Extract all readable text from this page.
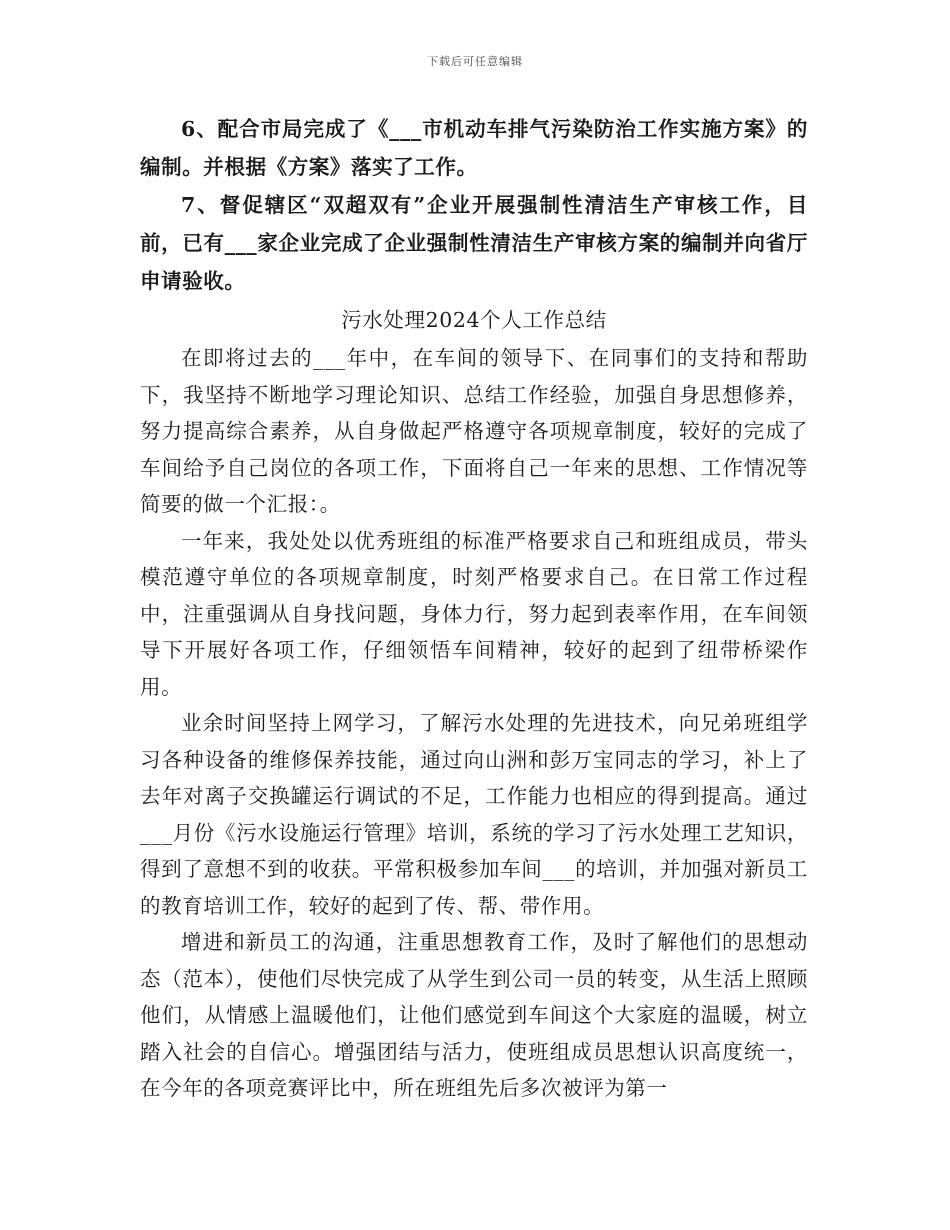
下载后可任意编辑

6、配合市局完成了《___市机动车排气污染防治工作实施方案》的编制。并根据《方案》落实了工作。

7、督促辖区“双超双有”企业开展强制性清洁生产审核工作，目前，已有___家企业完成了企业强制性清洁生产审核方案的编制并向省厅申请验收。

污水处理2024个人工作总结

在即将过去的___年中，在车间的领导下、在同事们的支持和帮助下，我坚持不断地学习理论知识、总结工作经验，加强自身思想修养，努力提高综合素养，从自身做起严格遵守各项规章制度，较好的完成了车间给予自己岗位的各项工作，下面将自己一年来的思想、工作情况等简要的做一个汇报：。

一年来，我处处以优秀班组的标准严格要求自己和班组成员，带头模范遵守单位的各项规章制度，时刻严格要求自己。在日常工作过程中，注重强调从自身找问题，身体力行，努力起到表率作用，在车间领导下开展好各项工作，仔细领悟车间精神，较好的起到了纽带桥梁作用。

业余时间坚持上网学习，了解污水处理的先进技术，向兄弟班组学习各种设备的维修保养技能，通过向山洲和彭万宝同志的学习，补上了去年对离子交换罐运行调试的不足，工作能力也相应的得到提高。通过___月份《污水设施运行管理》培训，系统的学习了污水处理工艺知识，得到了意想不到的收获。平常积极参加车间___的培训，并加强对新员工的教育培训工作，较好的起到了传、帮、带作用。

增进和新员工的沟通，注重思想教育工作，及时了解他们的思想动态（范本），使他们尽快完成了从学生到公司一员的转变，从生活上照顾他们，从情感上温暖他们，让他们感觉到车间这个大家庭的温暖，树立踏入社会的自信心。增强团结与活力，使班组成员思想认识高度统一，在今年的各项竞赛评比中，所在班组先后多次被评为第一
